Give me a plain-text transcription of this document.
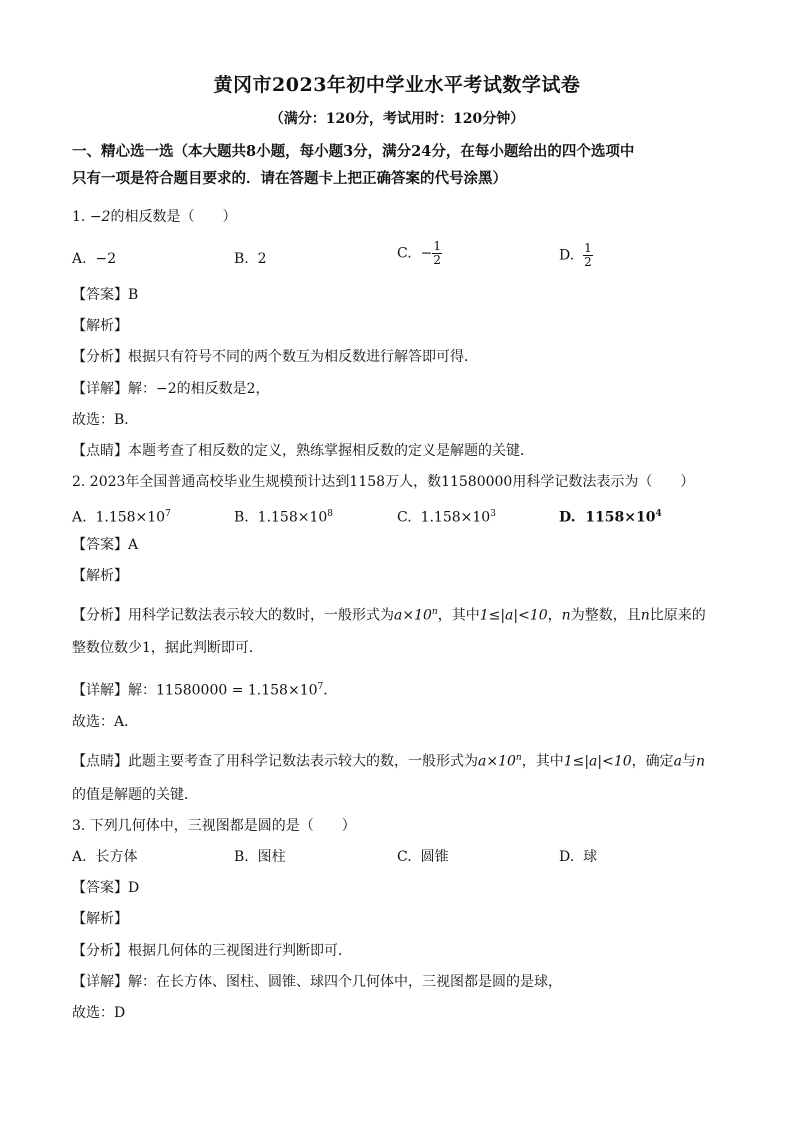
黄冈市2023年初中学业水平考试数学试卷
（满分：120分，考试用时：120分钟）
一、精心选一选（本大题共8小题，每小题3分，满分24分，在每小题给出的四个选项中
只有一项是符合题目要求的．请在答题卡上把正确答案的代号涂黑）
1. −2的相反数是（　　）
A. −2	B. 2	C. − $\frac{1}{2}$	D. $\frac{1}{2}$
【答案】B
【解析】
【分析】根据只有符号不同的两个数互为相反数进行解答即可得．
【详解】解：−2的相反数是2，
故选：B．
【点睛】本题考查了相反数的定义，熟练掌握相反数的定义是解题的关键．
2. 2023年全国普通高校毕业生规模预计达到1158万人，数11580000用科学记数法表示为（　　）
A. $1.158\times 10^7$	B. $1.158\times 10^8$	C. $1.158\times 10^3$	D. $1158\times 10^4$
【答案】A
【解析】
【分析】用科学记数法表示较大的数时，一般形式为$a\times 10^n$，其中1≤|a|<10，n为整数，且n比原来的
整数位数少1，据此判断即可．
【详解】解：$11580000 = 1.158\times 10^7$．
故选：A．
【点睛】此题主要考查了用科学记数法表示较大的数，一般形式为$a\times 10^n$，其中1≤|a|<10，确定a与n
的值是解题的关键．
3. 下列几何体中，三视图都是圆的是（　　）
A. 长方体	B. 图柱	C. 圆锥	D. 球
【答案】D
【解析】
【分析】根据几何体的三视图进行判断即可．
【详解】解：在长方体、图柱、圆锥、球四个几何体中，三视图都是圆的是球，
故选：D
